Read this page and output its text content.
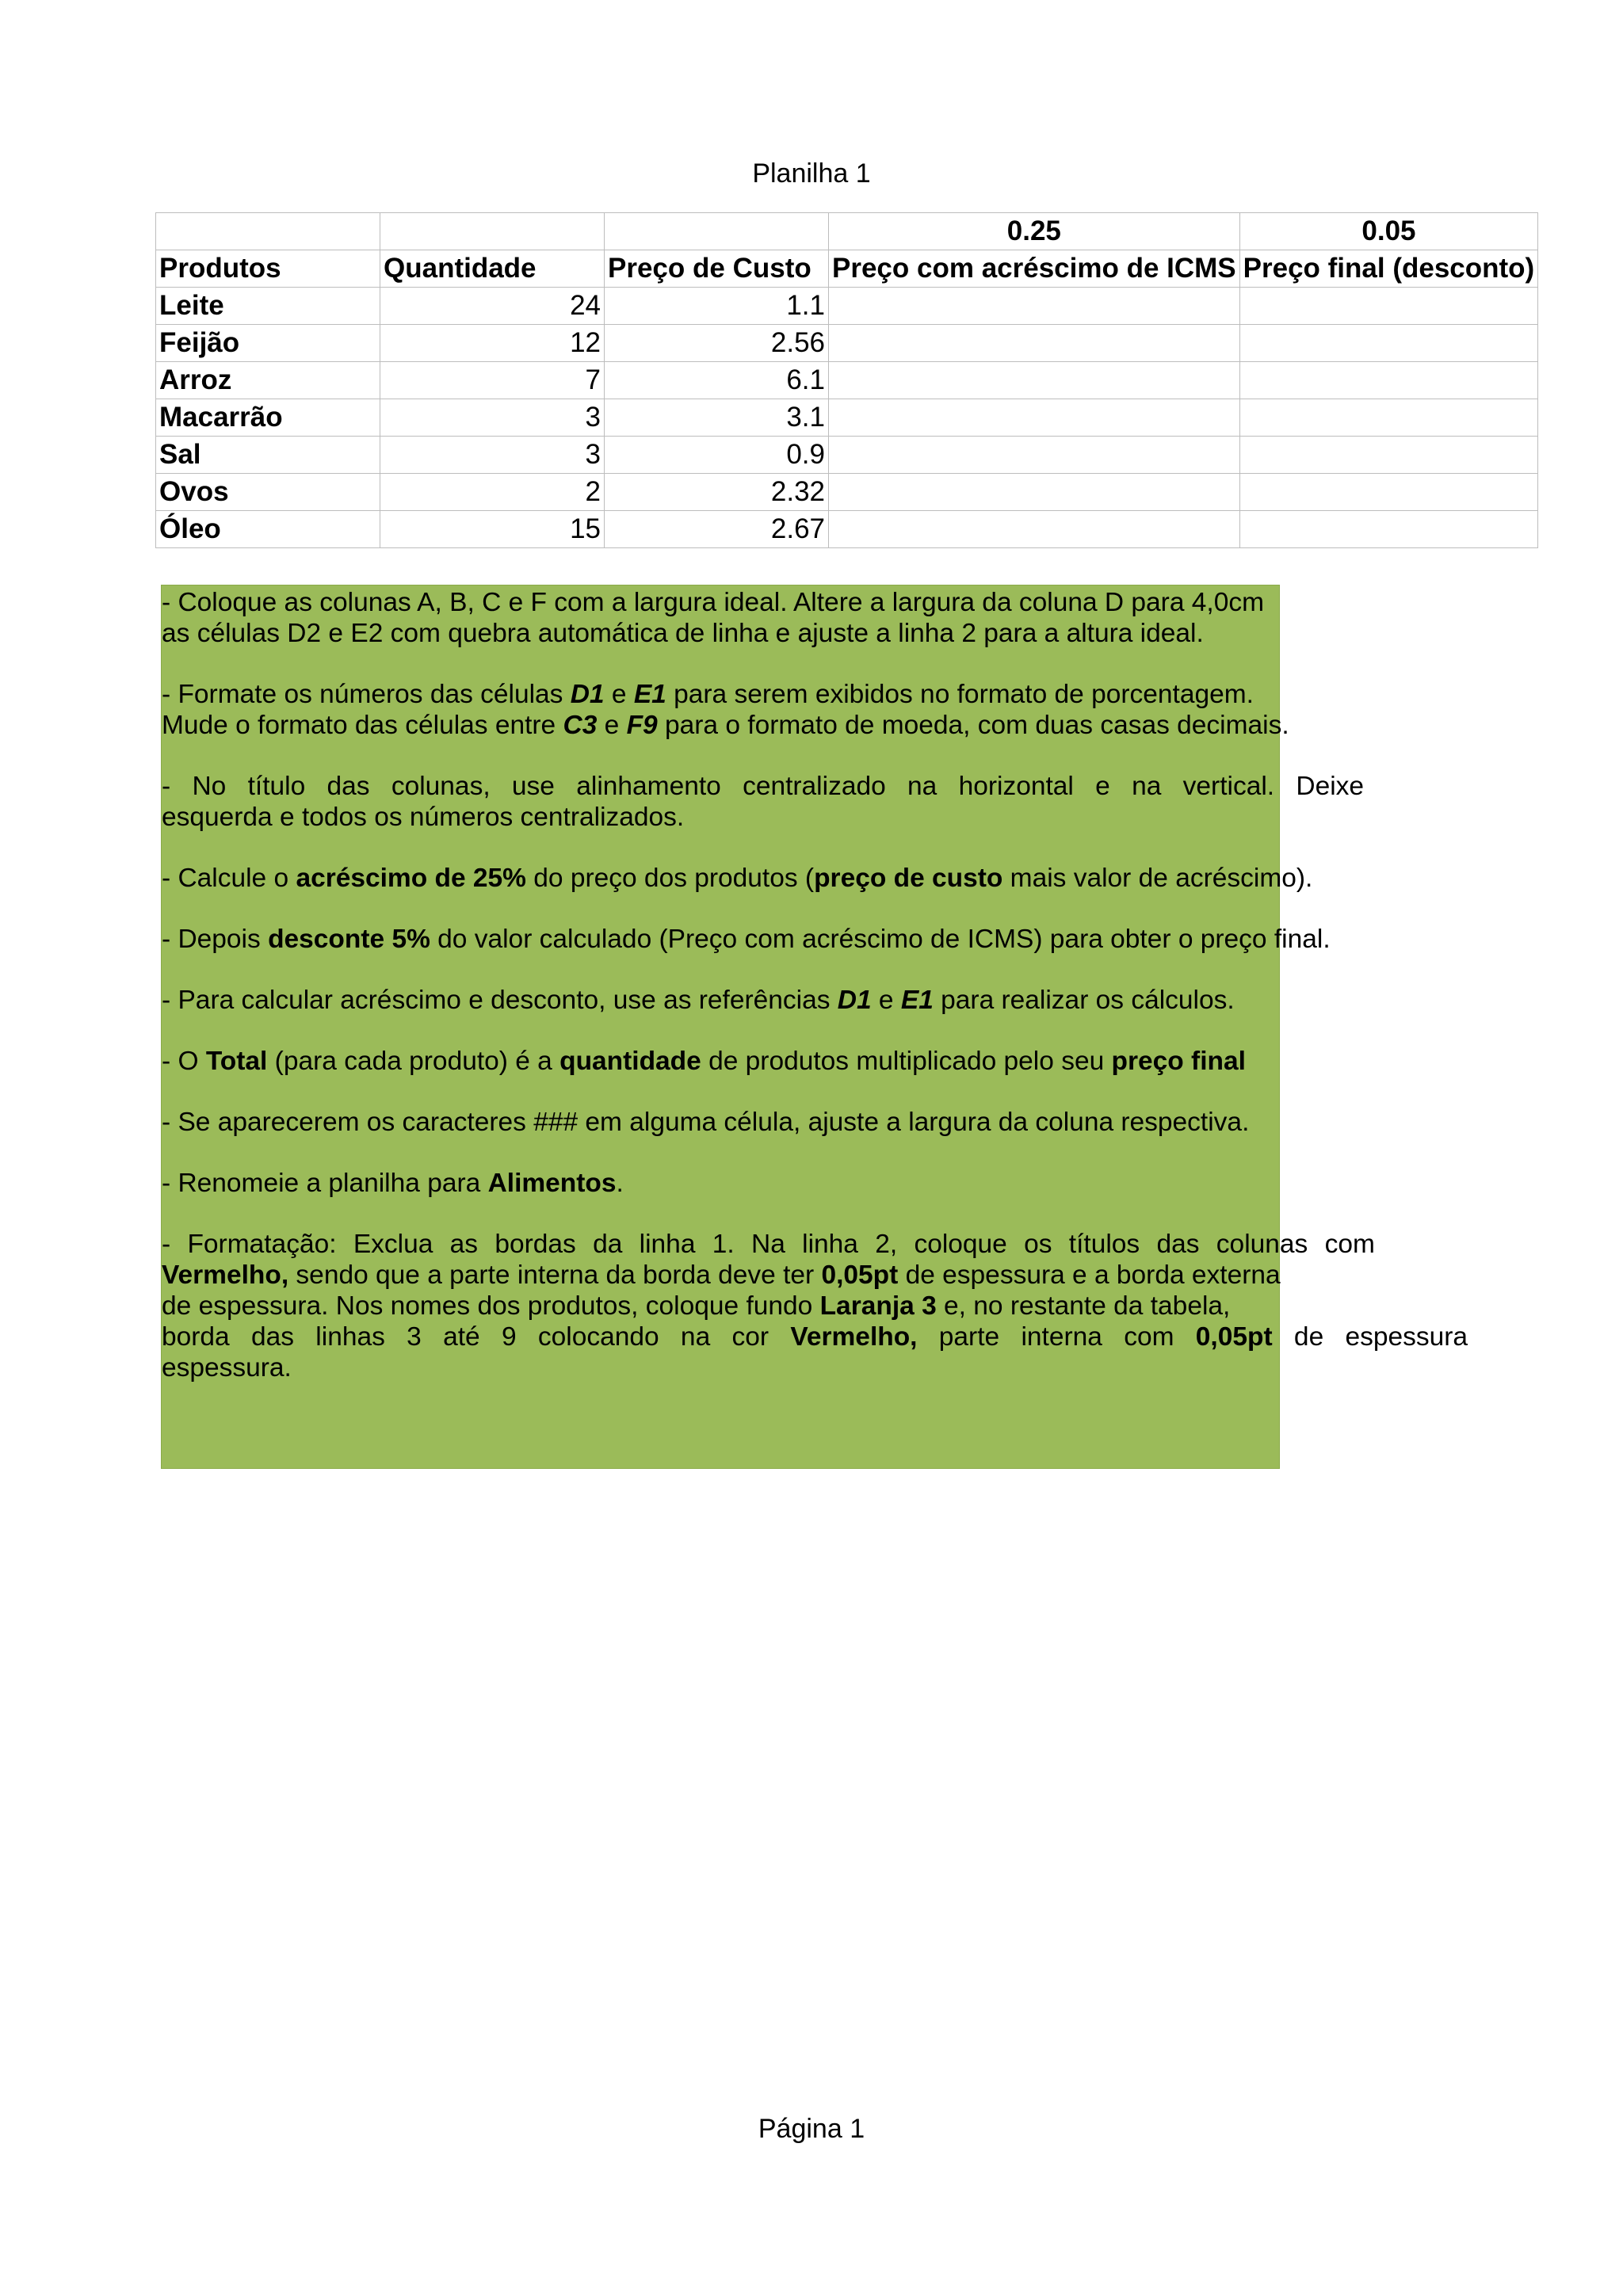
Planilha 1
			0.25	0.05
Produtos	Quantidade	Preço de Custo	Preço com acréscimo de ICMS	Preço final (desconto)
Leite	24	1.1		
Feijão	12	2.56		
Arroz	7	6.1		
Macarrão	3	3.1		
Sal	3	0.9		
Ovos	2	2.32		
Óleo	15	2.67		
- Coloque as colunas A, B, C e F com a largura ideal. Altere a largura da coluna D para 4,0cm
as células D2 e E2 com quebra automática de linha e ajuste a linha 2 para a altura ideal.
- Formate os números das células D1 e E1 para serem exibidos no formato de porcentagem.
Mude o formato das células entre C3 e F9 para o formato de moeda, com duas casas decimais.
- No título das colunas, use alinhamento centralizado na horizontal e na vertical. Deixe
esquerda e todos os números centralizados.
- Calcule o acréscimo de 25% do preço dos produtos (preço de custo mais valor de acréscimo).
- Depois desconte 5% do valor calculado (Preço com acréscimo de ICMS) para obter o preço final.
- Para calcular acréscimo e desconto, use as referências D1 e E1 para realizar os cálculos.
- O Total (para cada produto) é a quantidade de produtos multiplicado pelo seu preço final
- Se aparecerem os caracteres ### em alguma célula, ajuste a largura da coluna respectiva.
- Renomeie a planilha para Alimentos.
- Formatação: Exclua as bordas da linha 1. Na linha 2, coloque os títulos das colunas com
Vermelho, sendo que a parte interna da borda deve ter 0,05pt de espessura e a borda externa
de espessura. Nos nomes dos produtos, coloque fundo Laranja 3 e, no restante da tabela,
borda das linhas 3 até 9 colocando na cor Vermelho, parte interna com 0,05pt de espessura
espessura.
Página 1
